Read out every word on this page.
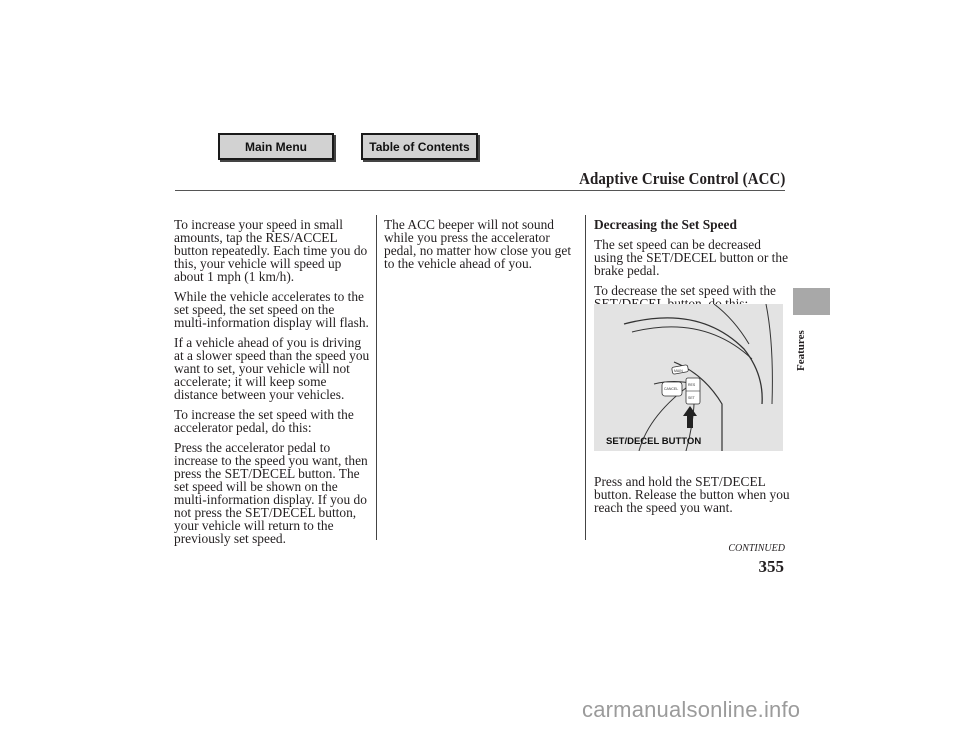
Main Menu	Table of Contents
Adaptive Cruise Control (ACC)

To increase your speed in small amounts, tap the RES/ACCEL button repeatedly. Each time you do this, your vehicle will speed up about 1 mph (1 km/h).

While the vehicle accelerates to the set speed, the set speed on the multi-information display will flash.

If a vehicle ahead of you is driving at a slower speed than the speed you want to set, your vehicle will not accelerate; it will keep some distance between your vehicles.

To increase the set speed with the accelerator pedal, do this:

Press the accelerator pedal to increase to the speed you want, then press the SET/DECEL button. The set speed will be shown on the multi-information display. If you do not press the SET/DECEL button, your vehicle will return to the previously set speed.

The ACC beeper will not sound while you press the accelerator pedal, no matter how close you get to the vehicle ahead of you.

Decreasing the Set Speed

The set speed can be decreased using the SET/DECEL button or the brake pedal.

To decrease the set speed with the

Press and hold the SET/DECEL button. Release the button when you reach the speed you want.

MAIN
CANCEL
RES
SET
SET/DECEL BUTTON
CONTINUED
355
Features
carmanualsonline.info
